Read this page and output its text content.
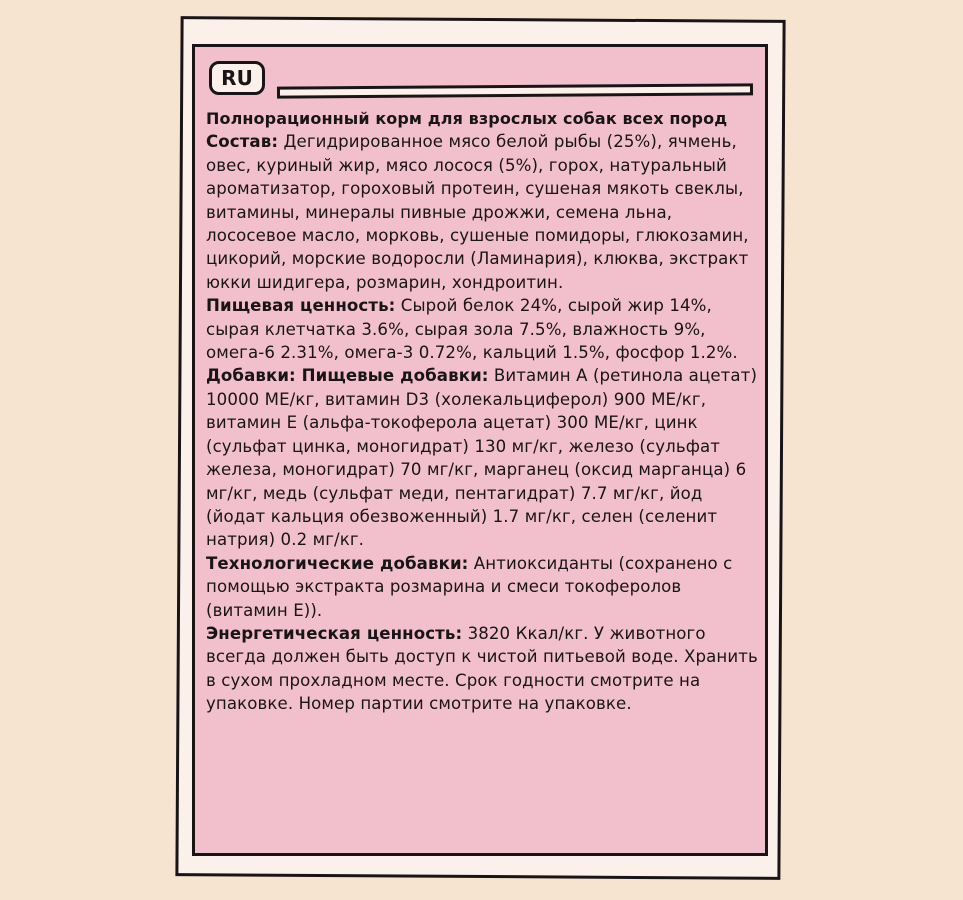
RU

Полнорационный корм для взрослых собак всех пород

Состав: Дегидрированное мясо белой рыбы (25%), ячмень, овес, куриный жир, мясо лосося (5%), горох, натуральный ароматизатор, гороховый протеин, сушеная мякоть свеклы, витамины, минералы пивные дрожжи, семена льна, лососевое масло, морковь, сушеные помидоры, глюкозамин, цикорий, морские водоросли (Ламинария), клюква, экстракт юкки шидигера, розмарин, хондроитин.

Пищевая ценность: Сырой белок 24%, сырой жир 14%, сырая клетчатка 3.6%, сырая зола 7.5%, влажность 9%, омега-6 2.31%, омега-3 0.72%, кальций 1.5%, фосфор 1.2%.

Добавки: Пищевые добавки: Витамин А (ретинола ацетат) 10000 МЕ/кг, витамин D3 (холекальциферол) 900 МЕ/кг, витамин Е (альфа-токоферола ацетат) 300 МЕ/кг, цинк (сульфат цинка, моногидрат) 130 мг/кг, железо (сульфат железа, моногидрат) 70 мг/кг, марганец (оксид марганца) 6 мг/кг, медь (сульфат меди, пентагидрат) 7.7 мг/кг, йод (йодат кальция обезвоженный) 1.7 мг/кг, селен (селенит натрия) 0.2 мг/кг.

Технологические добавки: Антиоксиданты (сохранено с помощью экстракта розмарина и смеси токоферолов (витамин Е)).

Энергетическая ценность: 3820 Ккал/кг. У животного всегда должен быть доступ к чистой питьевой воде. Хранить в сухом прохладном месте. Срок годности смотрите на упаковке. Номер партии смотрите на упаковке.
